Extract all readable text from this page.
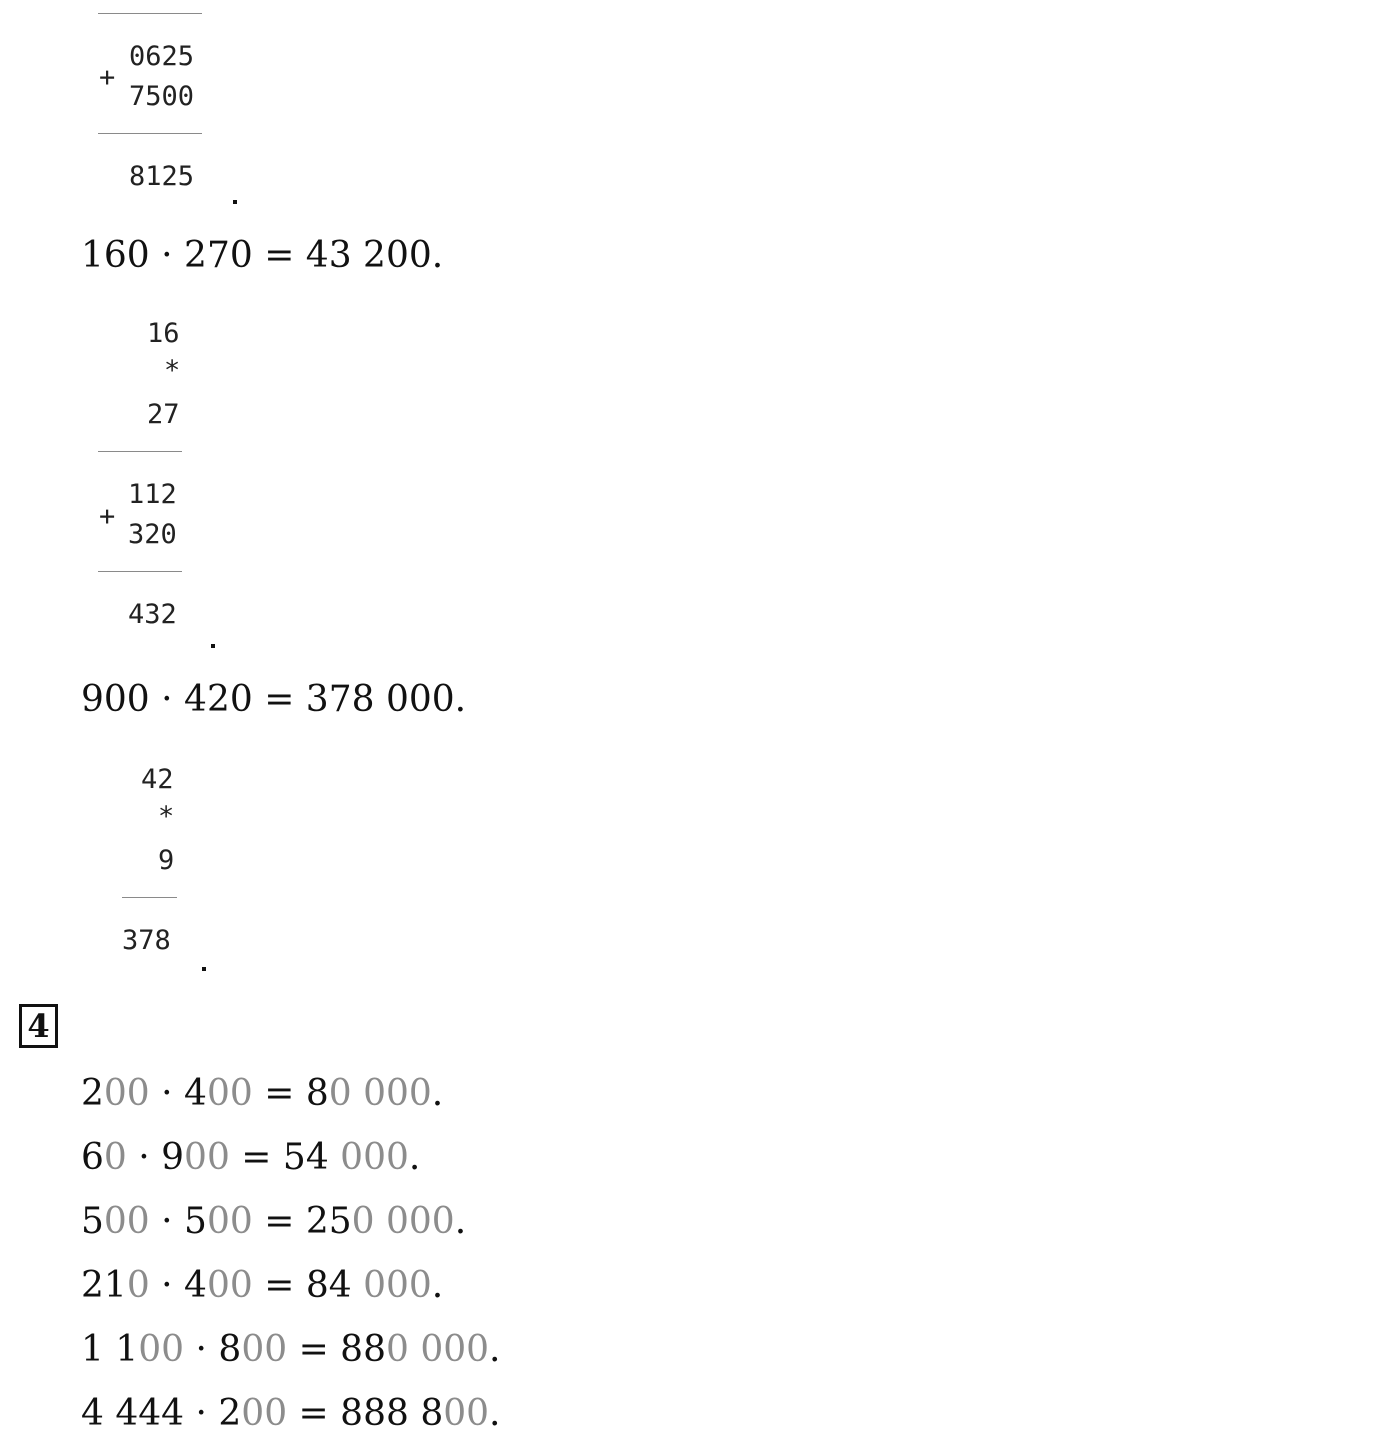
+
0625
7500
8125
160 · 270 = 43 200.
16
*
27
+
112
320
432
900 · 420 = 378 000.
42
*
9
378
4
200 · 400 = 80 000.
60 · 900 = 54 000.
500 · 500 = 250 000.
210 · 400 = 84 000.
1 100 · 800 = 880 000.
4 444 · 200 = 888 800.
